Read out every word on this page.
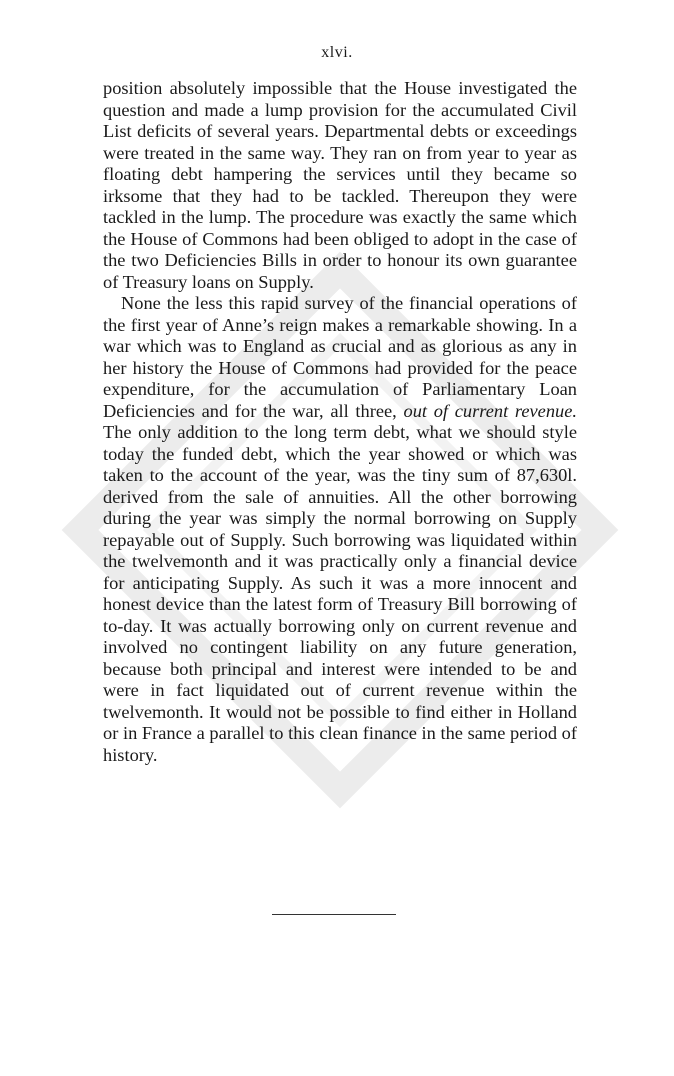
xlvi.

position absolutely impossible that the House investigated the question and made a lump provision for the accumulated Civil List deficits of several years. Departmental debts or exceedings were treated in the same way. They ran on from year to year as floating debt hampering the services until they became so irksome that they had to be tackled. Thereupon they were tackled in the lump. The procedure was exactly the same which the House of Commons had been obliged to adopt in the case of the two Deficiencies Bills in order to honour its own guarantee of Treasury loans on Supply.

None the less this rapid survey of the financial operations of the first year of Anne’s reign makes a remarkable showing. In a war which was to England as crucial and as glorious as any in her history the House of Commons had provided for the peace expenditure, for the accumulation of Parliamentary Loan Deficiencies and for the war, all three, out of current revenue. The only addition to the long term debt, what we should style today the funded debt, which the year showed or which was taken to the account of the year, was the tiny sum of 87,630l. derived from the sale of annuities. All the other borrowing during the year was simply the normal borrowing on Supply repayable out of Supply. Such borrowing was liquidated within the twelvemonth and it was practically only a financial device for anticipating Supply. As such it was a more innocent and honest device than the latest form of Treasury Bill borrowing of to-day. It was actually borrowing only on current revenue and involved no contingent liability on any future generation, because both principal and interest were intended to be and were in fact liquidated out of current revenue within the twelvemonth. It would not be possible to find either in Holland or in France a parallel to this clean finance in the same period of history.
